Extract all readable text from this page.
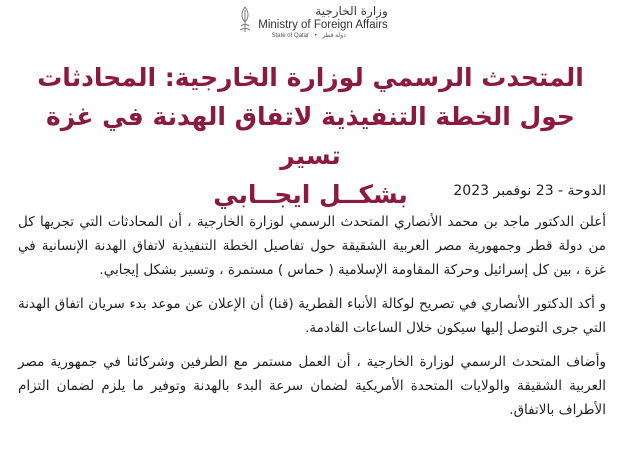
وزارة الخارجية
Ministry of Foreign Affairs
State of Qatar • دولة قطر
المتحدث الرسمي لوزارة الخارجية: المحادثات
حول الخطة التنفيذية لاتفاق الهدنة في غزة تسير
بشكــل ايجــابي	الدوحة - 23 نوفمبر 2023

أعلن الدكتور ماجد بن محمد الأنصاري المتحدث الرسمي لوزارة الخارجية ، أن المحادثات التي تجريها كل من دولة قطر وجمهورية مصر العربية الشقيقة حول تفاصيل الخطة التنفيذية لاتفاق الهدنة الإنسانية في غزة ، بين كل إسرائيل وحركة المقاومة الإسلامية ( حماس ) مستمرة ، وتسير بشكل إيجابي.

و أكد الدكتور الأنصاري في تصريح لوكالة الأنباء القطرية (قنا) أن الإعلان عن موعد بدء سريان اتفاق الهدنة التي جرى التوصل إليها سيكون خلال الساعات القادمة.

وأضاف المتحدث الرسمي لوزارة الخارجية ، أن العمل مستمر مع الطرفين وشركائنا في جمهورية مصر العربية الشقيقة والولايات المتحدة الأمريكية لضمان سرعة البدء بالهدنة وتوفير ما يلزم لضمان التزام الأطراف بالاتفاق.
